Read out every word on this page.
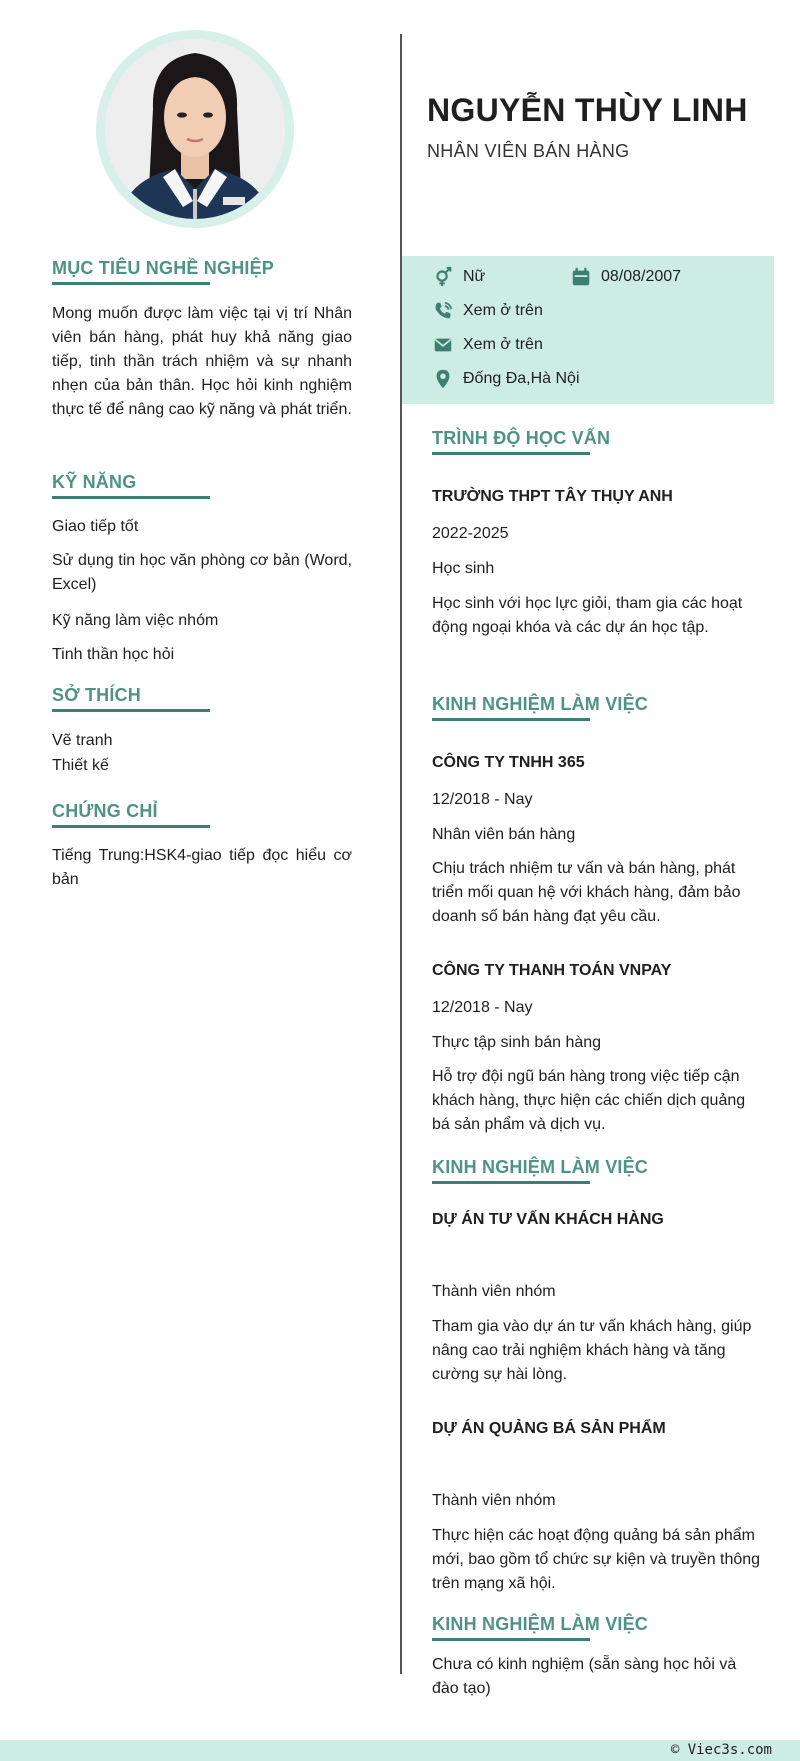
MỤC TIÊU NGHỀ NGHIỆP
Mong muốn được làm việc tại vị trí Nhân viên bán hàng, phát huy khả năng giao tiếp, tinh thần trách nhiệm và sự nhanh nhẹn của bản thân. Học hỏi kinh nghiệm thực tế để nâng cao kỹ năng và phát triển.
KỸ NĂNG
Giao tiếp tốt
Sử dụng tin học văn phòng cơ bản (Word, Excel)
Kỹ năng làm việc nhóm
Tinh thần học hỏi
SỞ THÍCH
Vẽ tranh
Thiết kế
CHỨNG CHỈ
Tiếng Trung:HSK4-giao tiếp đọc hiểu cơ bản
NGUYỄN THÙY LINH
NHÂN VIÊN BÁN HÀNG
Nữ	08/08/2007
Xem ở trên
Xem ở trên
Đống Đa,Hà Nội
TRÌNH ĐỘ HỌC VẤN
TRƯỜNG THPT TÂY THỤY ANH
2022-2025
Học sinh
Học sinh với học lực giỏi, tham gia các hoạt động ngoại khóa và các dự án học tập.
KINH NGHIỆM LÀM VIỆC
CÔNG TY TNHH 365
12/2018 - Nay
Nhân viên bán hàng
Chịu trách nhiệm tư vấn và bán hàng, phát triển mối quan hệ với khách hàng, đảm bảo doanh số bán hàng đạt yêu cầu.
CÔNG TY THANH TOÁN VNPAY
12/2018 - Nay
Thực tập sinh bán hàng
Hỗ trợ đội ngũ bán hàng trong việc tiếp cận khách hàng, thực hiện các chiến dịch quảng bá sản phẩm và dịch vụ.
KINH NGHIỆM LÀM VIỆC
DỰ ÁN TƯ VẤN KHÁCH HÀNG
Thành viên nhóm
Tham gia vào dự án tư vấn khách hàng, giúp nâng cao trải nghiệm khách hàng và tăng cường sự hài lòng.
DỰ ÁN QUẢNG BÁ SẢN PHẨM
Thành viên nhóm
Thực hiện các hoạt động quảng bá sản phẩm mới, bao gồm tổ chức sự kiện và truyền thông trên mạng xã hội.
KINH NGHIỆM LÀM VIỆC
Chưa có kinh nghiệm (sẵn sàng học hỏi và đào tạo)
© Viec3s.com
